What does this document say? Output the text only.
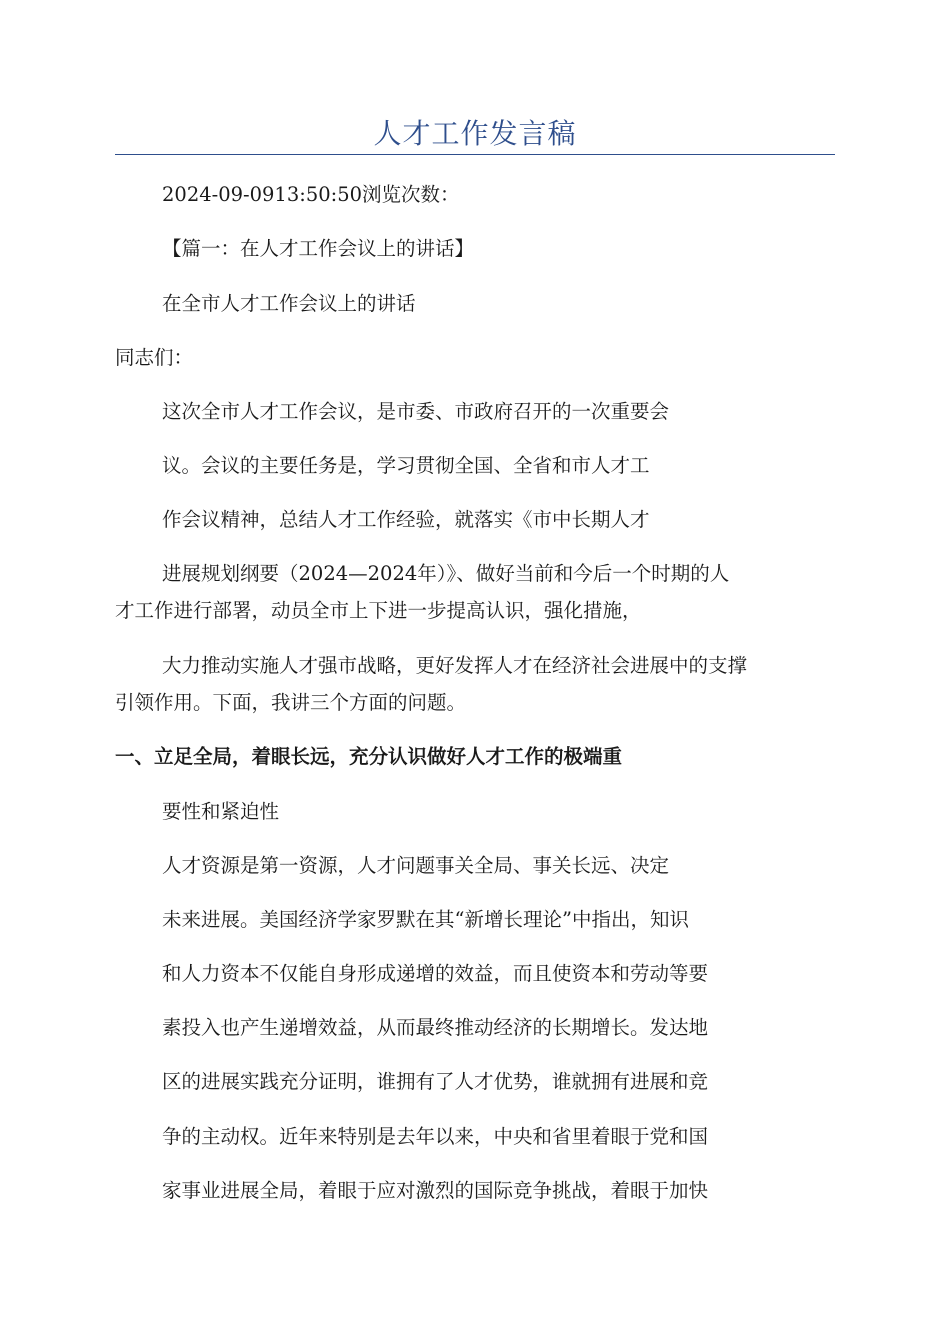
人才工作发言稿
2024-09-0913:50:50浏览次数：
【篇一：在人才工作会议上的讲话】
在全市人才工作会议上的讲话
同志们：
这次全市人才工作会议，是市委、市政府召开的一次重要会
议。会议的主要任务是，学习贯彻全国、全省和市人才工
作会议精神，总结人才工作经验，就落实《市中长期人才
进展规划纲要（2024—2024年）》、做好当前和今后一个时期的人
才工作进行部署，动员全市上下进一步提高认识，强化措施，
大力推动实施人才强市战略，更好发挥人才在经济社会进展中的支撑
引领作用。下面，我讲三个方面的问题。
一、立足全局，着眼长远，充分认识做好人才工作的极端重
要性和紧迫性
人才资源是第一资源，人才问题事关全局、事关长远、决定
未来进展。美国经济学家罗默在其“新增长理论”中指出，知识
和人力资本不仅能自身形成递增的效益，而且使资本和劳动等要
素投入也产生递增效益，从而最终推动经济的长期增长。发达地
区的进展实践充分证明，谁拥有了人才优势，谁就拥有进展和竞
争的主动权。近年来特别是去年以来，中央和省里着眼于党和国
家事业进展全局，着眼于应对激烈的国际竞争挑战，着眼于加快
